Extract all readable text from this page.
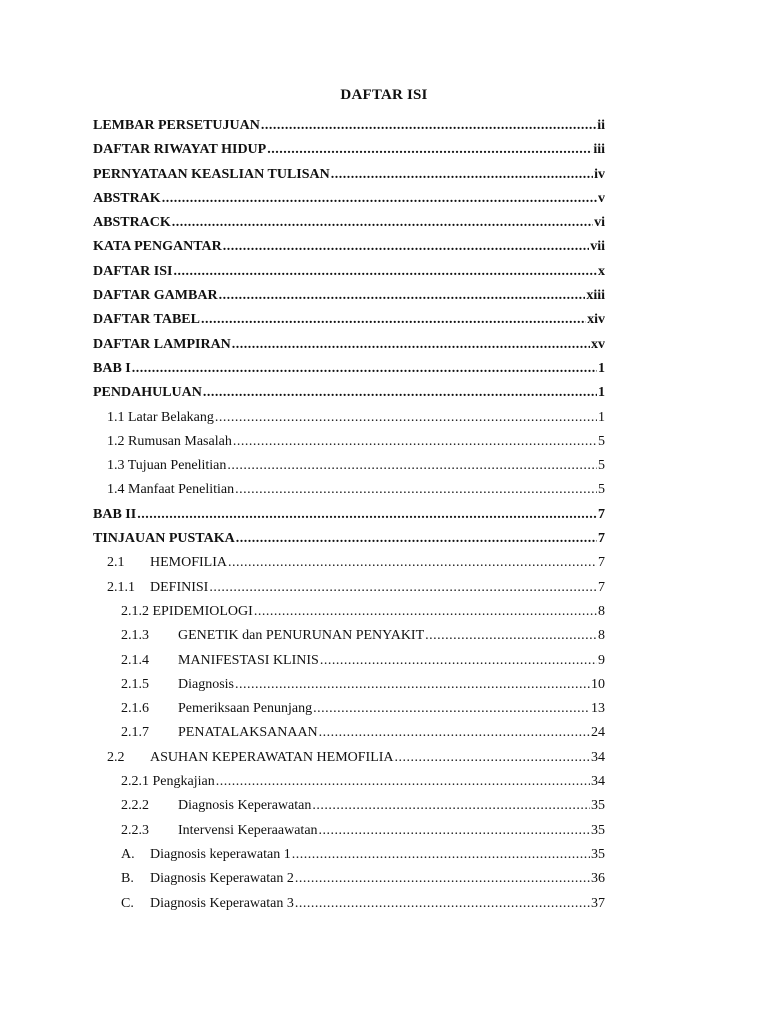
DAFTAR ISI
LEMBAR PERSETUJUAN .....	ii
DAFTAR RIWAYAT HIDUP .....	iii
PERNYATAAN KEASLIAN TULISAN .....	iv
ABSTRAK .....	v
ABSTRACK .....	vi
KATA PENGANTAR .....	vii
DAFTAR ISI .....	x
DAFTAR GAMBAR .....	xiii
DAFTAR TABEL .....	xiv
DAFTAR LAMPIRAN .....	xv
BAB I .....	1
PENDAHULUAN .....	1
1.1 Latar Belakang .....	1
1.2 Rumusan Masalah .....	5
1.3 Tujuan Penelitian .....	5
1.4 Manfaat Penelitian .....	5
BAB II .....	7
TINJAUAN PUSTAKA .....	7
2.1	HEMOFILIA .....	7
2.1.1	DEFINISI .....	7
2.1.2 EPIDEMIOLOGI .....	8
2.1.3	GENETIK dan PENURUNAN PENYAKIT .....	8
2.1.4	MANIFESTASI KLINIS .....	9
2.1.5	Diagnosis .....	10
2.1.6	Pemeriksaan Penunjang .....	13
2.1.7	PENATALAKSANAAN .....	24
2.2	ASUHAN KEPERAWATAN HEMOFILIA .....	34
2.2.1 Pengkajian .....	34
2.2.2	Diagnosis Keperawatan .....	35
2.2.3	Intervensi Keperaawatan .....	35
A.	Diagnosis keperawatan 1 .....	35
B.	Diagnosis Keperawatan 2 .....	36
C.	Diagnosis Keperawatan 3 .....	37
